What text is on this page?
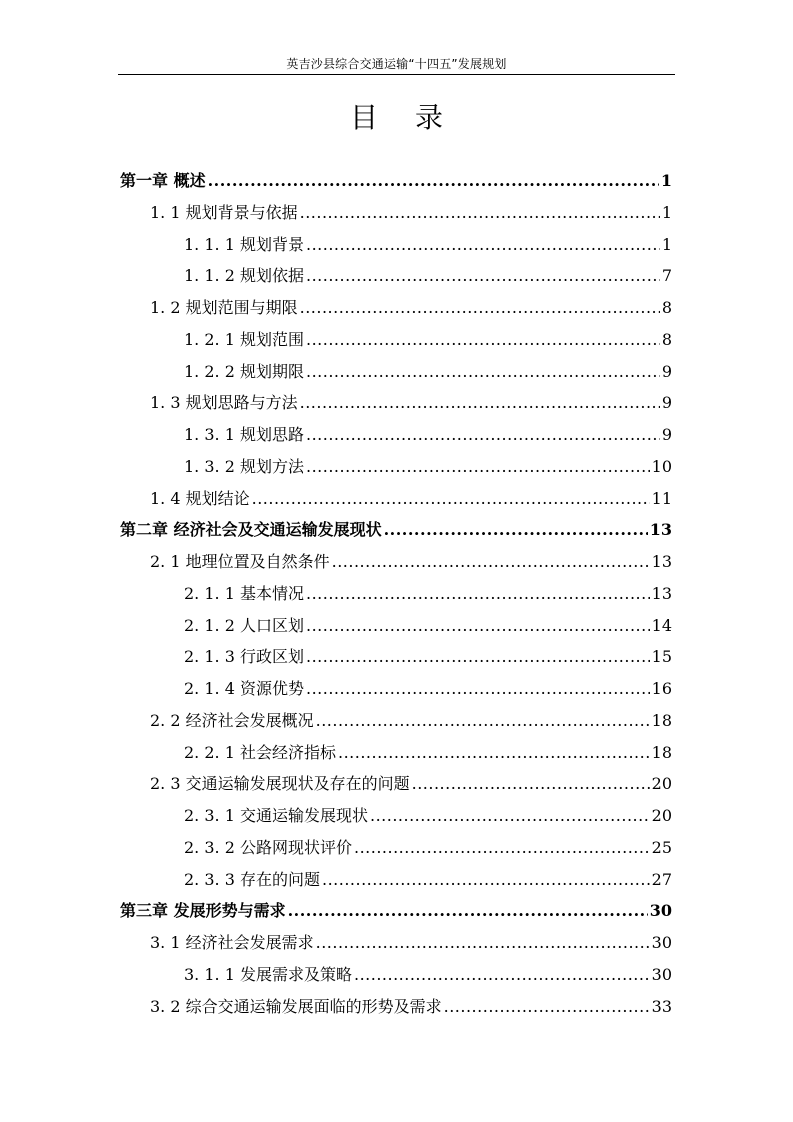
英吉沙县综合交通运输“十四五”发展规划
目 录
第一章 概述 .....	1
1. 1 规划背景与依据 .....	1
1. 1. 1 规划背景 .....	1
1. 1. 2 规划依据 .....	7
1. 2 规划范围与期限 .....	8
1. 2. 1 规划范围 .....	8
1. 2. 2 规划期限 .....	9
1. 3 规划思路与方法 .....	9
1. 3. 1 规划思路 .....	9
1. 3. 2 规划方法 .....	10
1. 4 规划结论 .....	11
第二章 经济社会及交通运输发展现状 .....	13
2. 1 地理位置及自然条件 .....	13
2. 1. 1 基本情况 .....	13
2. 1. 2 人口区划 .....	14
2. 1. 3 行政区划 .....	15
2. 1. 4 资源优势 .....	16
2. 2 经济社会发展概况 .....	18
2. 2. 1 社会经济指标 .....	18
2. 3 交通运输发展现状及存在的问题 .....	20
2. 3. 1 交通运输发展现状 .....	20
2. 3. 2 公路网现状评价 .....	25
2. 3. 3 存在的问题 .....	27
第三章 发展形势与需求 .....	30
3. 1 经济社会发展需求 .....	30
3. 1. 1 发展需求及策略 .....	30
3. 2 综合交通运输发展面临的形势及需求 .....	33
